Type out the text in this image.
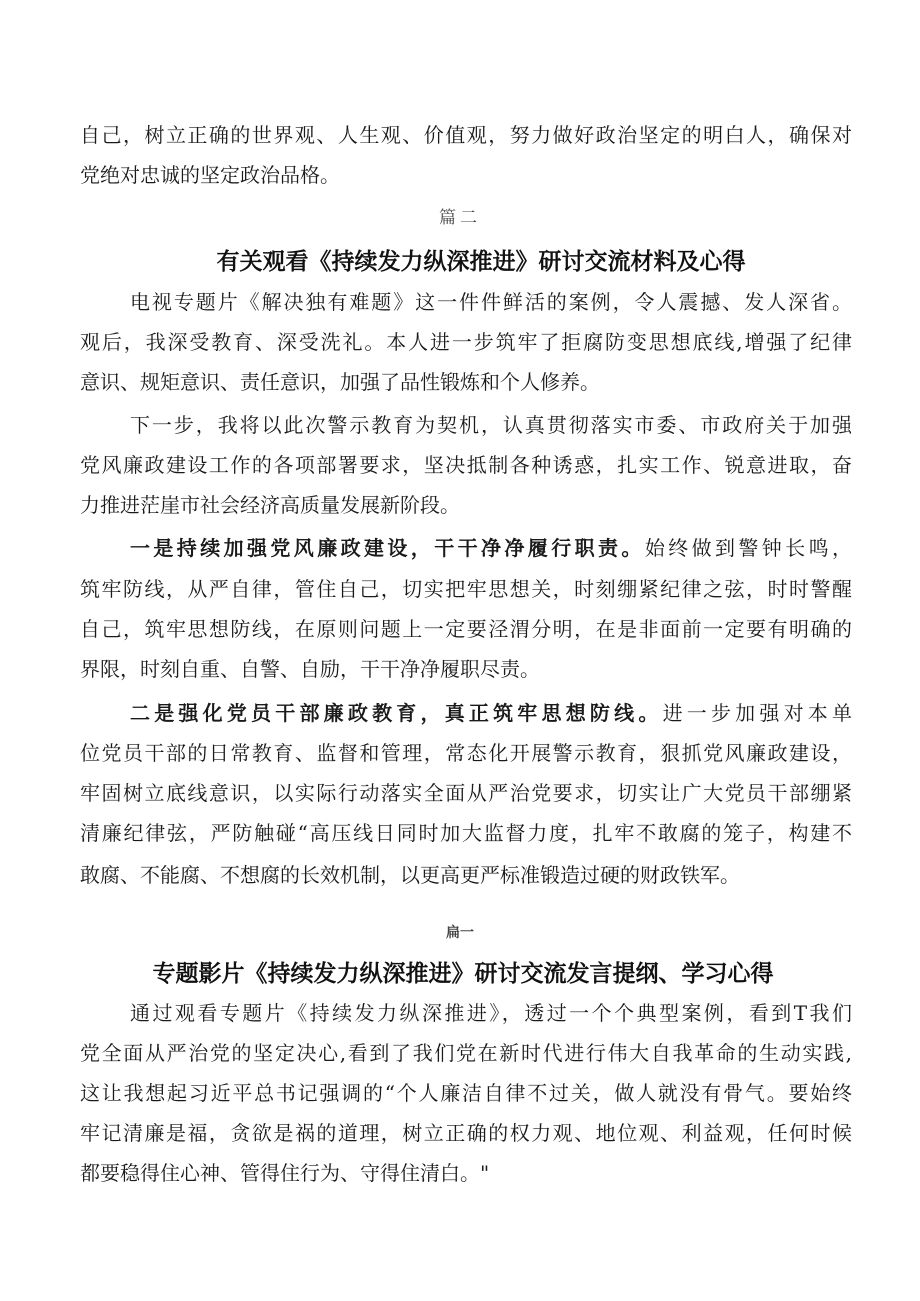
自己，树立正确的世界观、人生观、价值观，努力做好政治坚定的明白人，确保对
党绝对忠诚的坚定政治品格。
篇二
有关观看《持续发力纵深推进》研讨交流材料及心得
电视专题片《解决独有难题》这一件件鲜活的案例，令人震撼、发人深省。
观后，我深受教育、深受洗礼。本人进一步筑牢了拒腐防变思想底线,增强了纪律
意识、规矩意识、责任意识，加强了品性锻炼和个人修养。
下一步，我将以此次警示教育为契机，认真贯彻落实市委、市政府关于加强
党风廉政建设工作的各项部署要求，坚决抵制各种诱惑，扎实工作、锐意进取，奋
力推进茫崖市社会经济高质量发展新阶段。
一是持续加强党风廉政建设，干干净净履行职责。始终做到警钟长鸣，
筑牢防线，从严自律，管住自己，切实把牢思想关，时刻绷紧纪律之弦，时时警醒
自己，筑牢思想防线，在原则问题上一定要泾渭分明，在是非面前一定要有明确的
界限，时刻自重、自警、自励，干干净净履职尽责。
二是强化党员干部廉政教育，真正筑牢思想防线。进一步加强对本单
位党员干部的日常教育、监督和管理，常态化开展警示教育，狠抓党风廉政建设，
牢固树立底线意识，以实际行动落实全面从严治党要求，切实让广大党员干部绷紧
清廉纪律弦，严防触碰“高压线日同时加大监督力度，扎牢不敢腐的笼子，构建不
敢腐、不能腐、不想腐的长效机制，以更高更严标准锻造过硬的财政铁军。
扁一
专题影片《持续发力纵深推进》研讨交流发言提纲、学习心得
通过观看专题片《持续发力纵深推进》，透过一个个典型案例，看到T我们
党全面从严治党的坚定决心,看到了我们党在新时代进行伟大自我革命的生动实践,
这让我想起习近平总书记强调的“个人廉洁自律不过关，做人就没有骨气。要始终
牢记清廉是福，贪欲是祸的道理，树立正确的权力观、地位观、利益观，任何时候
都要稳得住心神、管得住行为、守得住清白。"
